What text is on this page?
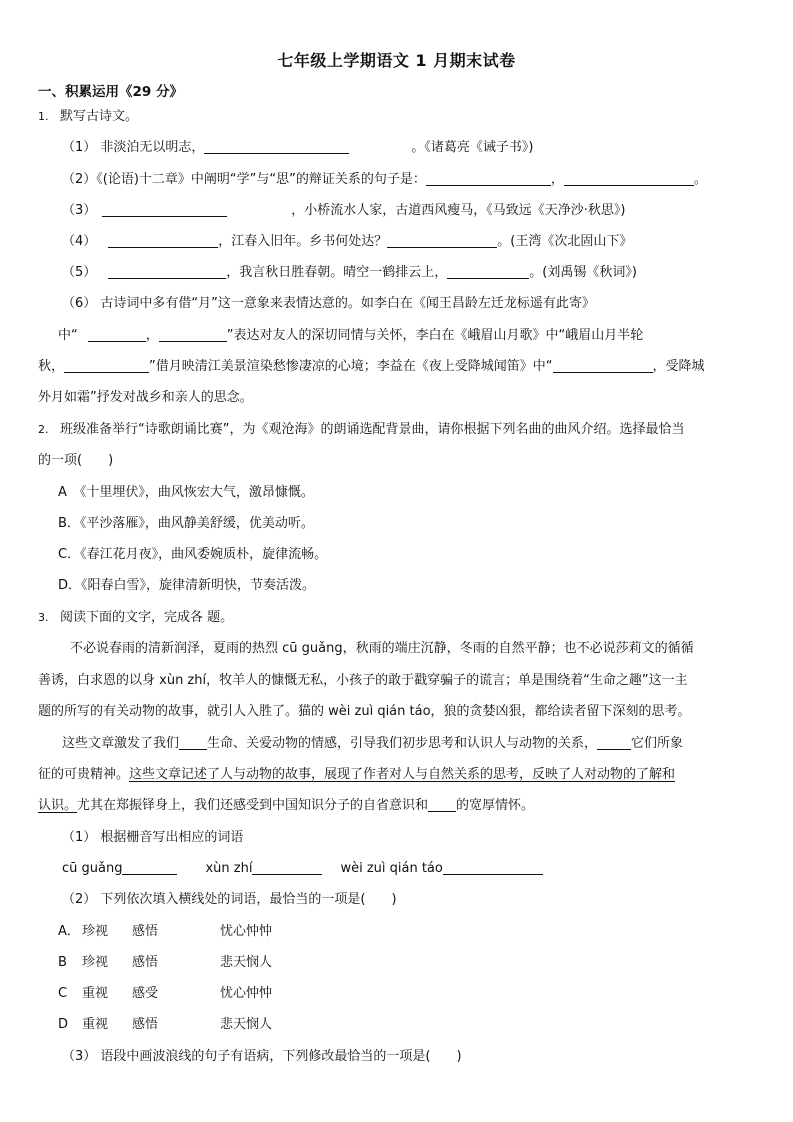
七年级上学期语文 1 月期末试卷
一、积累运用《29 分》
1. 默写古诗文。
（1） 非淡泊无以明志，	。《诸葛亮《诫子书》)
（2）《(论语)十二章》中阐明“学”与“思”的辩证关系的句子是：	，	。
（3）	，小桥流水人家，古道西风瘦马，《马致远《天净沙·秋思》)
（4）	，江春入旧年。乡书何处达？	。(王湾《次北固山下》
（5）	，我言秋日胜春朝。晴空一鹤排云上，	。(刘禹锡《秋词》)
（6） 古诗词中多有借“月”这一意象来表情达意的。如李白在《闻王昌龄左迁龙标遥有此寄》
中“	，	”表达对友人的深切同情与关怀，李白在《峨眉山月歌》中“峨眉山月半轮
秋，	”借月映清江美景渲染愁惨凄凉的心境；李益在《夜上受降城闻笛》中“	，受降城
外月如霜”抒发对战乡和亲人的思念。
2. 班级准备举行“诗歌朗诵比赛”，为《观沧海》的朗诵选配背景曲，请你根据下列名曲的曲风介绍。选择最恰当
的一项(　　)
A　《十里埋伏》，曲风恢宏大气，激昂慷慨。
B．《平沙落雁》，曲风静美舒缓，优美动听。
C．《春江花月夜》，曲风委婉质朴，旋律流畅。
D．《阳春白雪》，旋律清新明快，节奏活泼。
3. 阅读下面的文字，完成各 题。
不必说春雨的清新润泽，夏雨的热烈 cū guǎng，秋雨的端庄沉静，冬雨的自然平静；也不必说莎莉文的循循
善诱，白求恩的以身 xùn zhí，牧羊人的慷慨无私，小孩子的敢于戳穿骗子的谎言；单是围绕着“生命之趣”这一主
题的所写的有关动物的故事，就引人入胜了。猫的 wèi zuì qián táo，狼的贪婪凶狠，都给读者留下深刻的思考。
这些文章激发了我们 生命、关爱动物的情感，引导我们初步思考和认识人与动物的关系，	它们所象
征的可贵精神。这些文章记述了人与动物的故事，展现了作者对人与自然关系的思考，反映了人对动物的了解和
认识。尤其在郑振铎身上，我们还感受到中国知识分子的自省意识和 的宽厚情怀。
（1） 根据栅音写出相应的词语
cū guǎng	xùn zhí	wèi zuì qián táo
（2） 下列依次填入横线处的词语，最恰当的一项是(　　)
A． 珍视 感悟	忧心忡忡
B 珍视 感悟	悲天悯人
C 重视 感受	忧心忡忡
D 重视 感悟	悲天悯人
（3） 语段中画波浪线的句子有语病，下列修改最恰当的一项是(　　)
